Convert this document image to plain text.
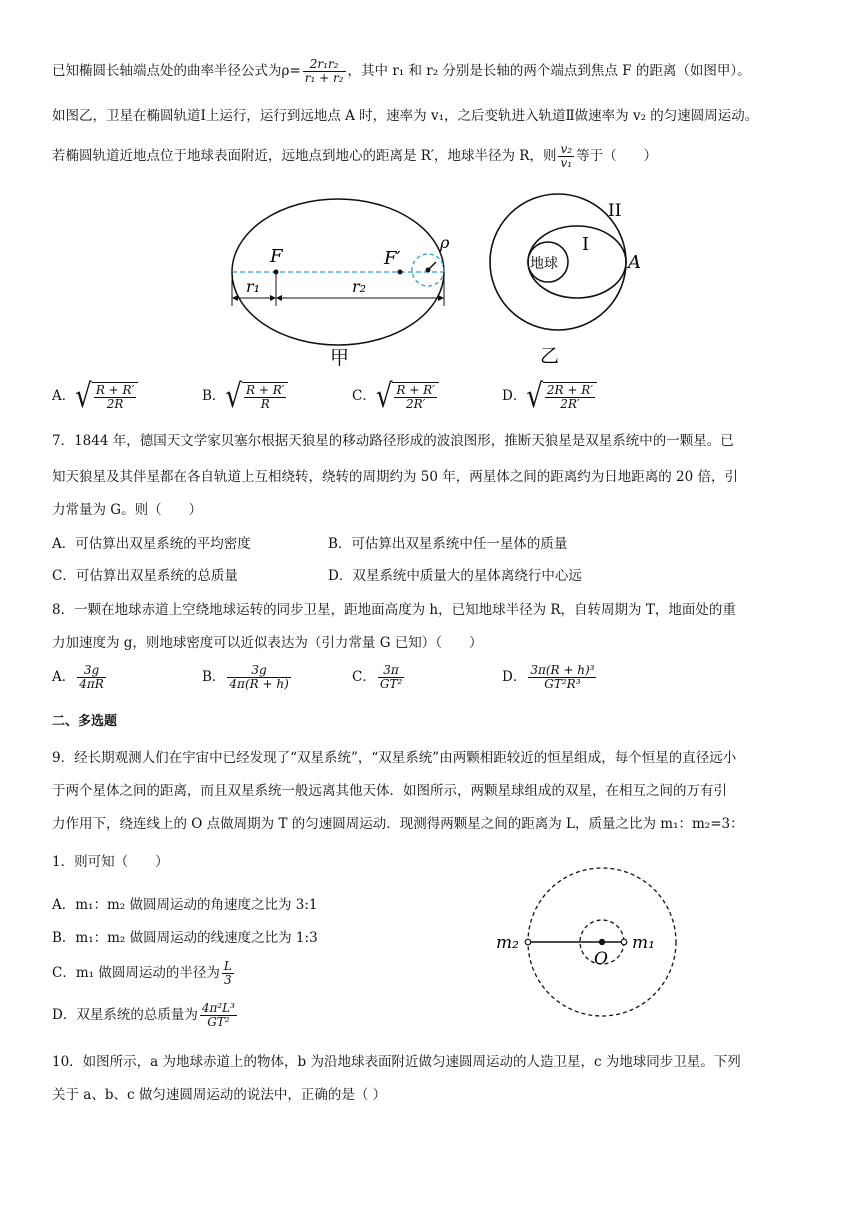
已知椭圆长轴端点处的曲率半径公式为$\rho= \frac{\text{2r₁r₂}}{\text{r₁ + r₂}}$ ，其中 r₁ 和 r₂ 分别是长轴的两个端点到焦点 F 的距离（如图甲）。
如图乙，卫星在椭圆轨道Ⅰ上运行，运行到远地点 A 时，速率为 v₁，之后变轨进入轨道Ⅱ做速率为 v₂ 的匀速圆周运动。
若椭圆轨道近地点位于地球表面附近，远地点到地心的距离是 R′，地球半径为 R，则 $\frac{\text{v₂}}{\text{v₁}}$ 等于（　　）
F	F′
ρ
r₁	r₂
甲
地球
I
II
A
乙
A．√ $\frac{R + R'}{2R}$	B．√ $\frac{R + R'}{R}$	C．√ $\frac{R + R'}{2R'}$	D．√ $\frac{2R + R'}{2R'}$
7．1844 年，德国天文学家贝塞尔根据天狼星的移动路径形成的波浪图形，推断天狼星是双星系统中的一颗星。已
知天狼星及其伴星都在各自轨道上互相绕转，绕转的周期约为 50 年，两星体之间的距离约为日地距离的 20 倍，引
力常量为 G。则（　　）
A．可估算出双星系统的平均密度	B．可估算出双星系统中任一星体的质量
C．可估算出双星系统的总质量	D．双星系统中质量大的星体离绕行中心远
8．一颗在地球赤道上空绕地球运转的同步卫星，距地面高度为 h，已知地球半径为 R，自转周期为 T，地面处的重
力加速度为 g，则地球密度可以近似表达为（引力常量 G 已知）（　　）
A． $\frac{3g}{4\pi R}$	B． $\frac{3g}{4\pi(R + h)}$	C． $\frac{3\pi}{\text{GT²}}$	D． $\frac{\text{3π(R + h)³}}{\text{GT²R³}}$
二、多选题
9．经长期观测人们在宇宙中已经发现了“双星系统”，“双星系统”由两颗相距较近的恒星组成，每个恒星的直径远小
于两个星体之间的距离，而且双星系统一般远离其他天体．如图所示，两颗星球组成的双星，在相互之间的万有引
力作用下，绕连线上的 O 点做周期为 T 的匀速圆周运动．现测得两颗星之间的距离为 L，质量之比为 m₁：m₂=3：
1．则可知（　　）
A．m₁：m₂ 做圆周运动的角速度之比为 3:1
B．m₁：m₂ 做圆周运动的线速度之比为 1:3
C．m₁ 做圆周运动的半径为 $\frac{L}{3}$
D．双星系统的总质量为 $\frac{\text{4π²L³}}{\text{GT²}}$
m₂	m₁
O
10．如图所示，a 为地球赤道上的物体，b 为沿地球表面附近做匀速圆周运动的人造卫星，c 为地球同步卫星。下列
关于 a、b、c 做匀速圆周运动的说法中，正确的是（ ）
